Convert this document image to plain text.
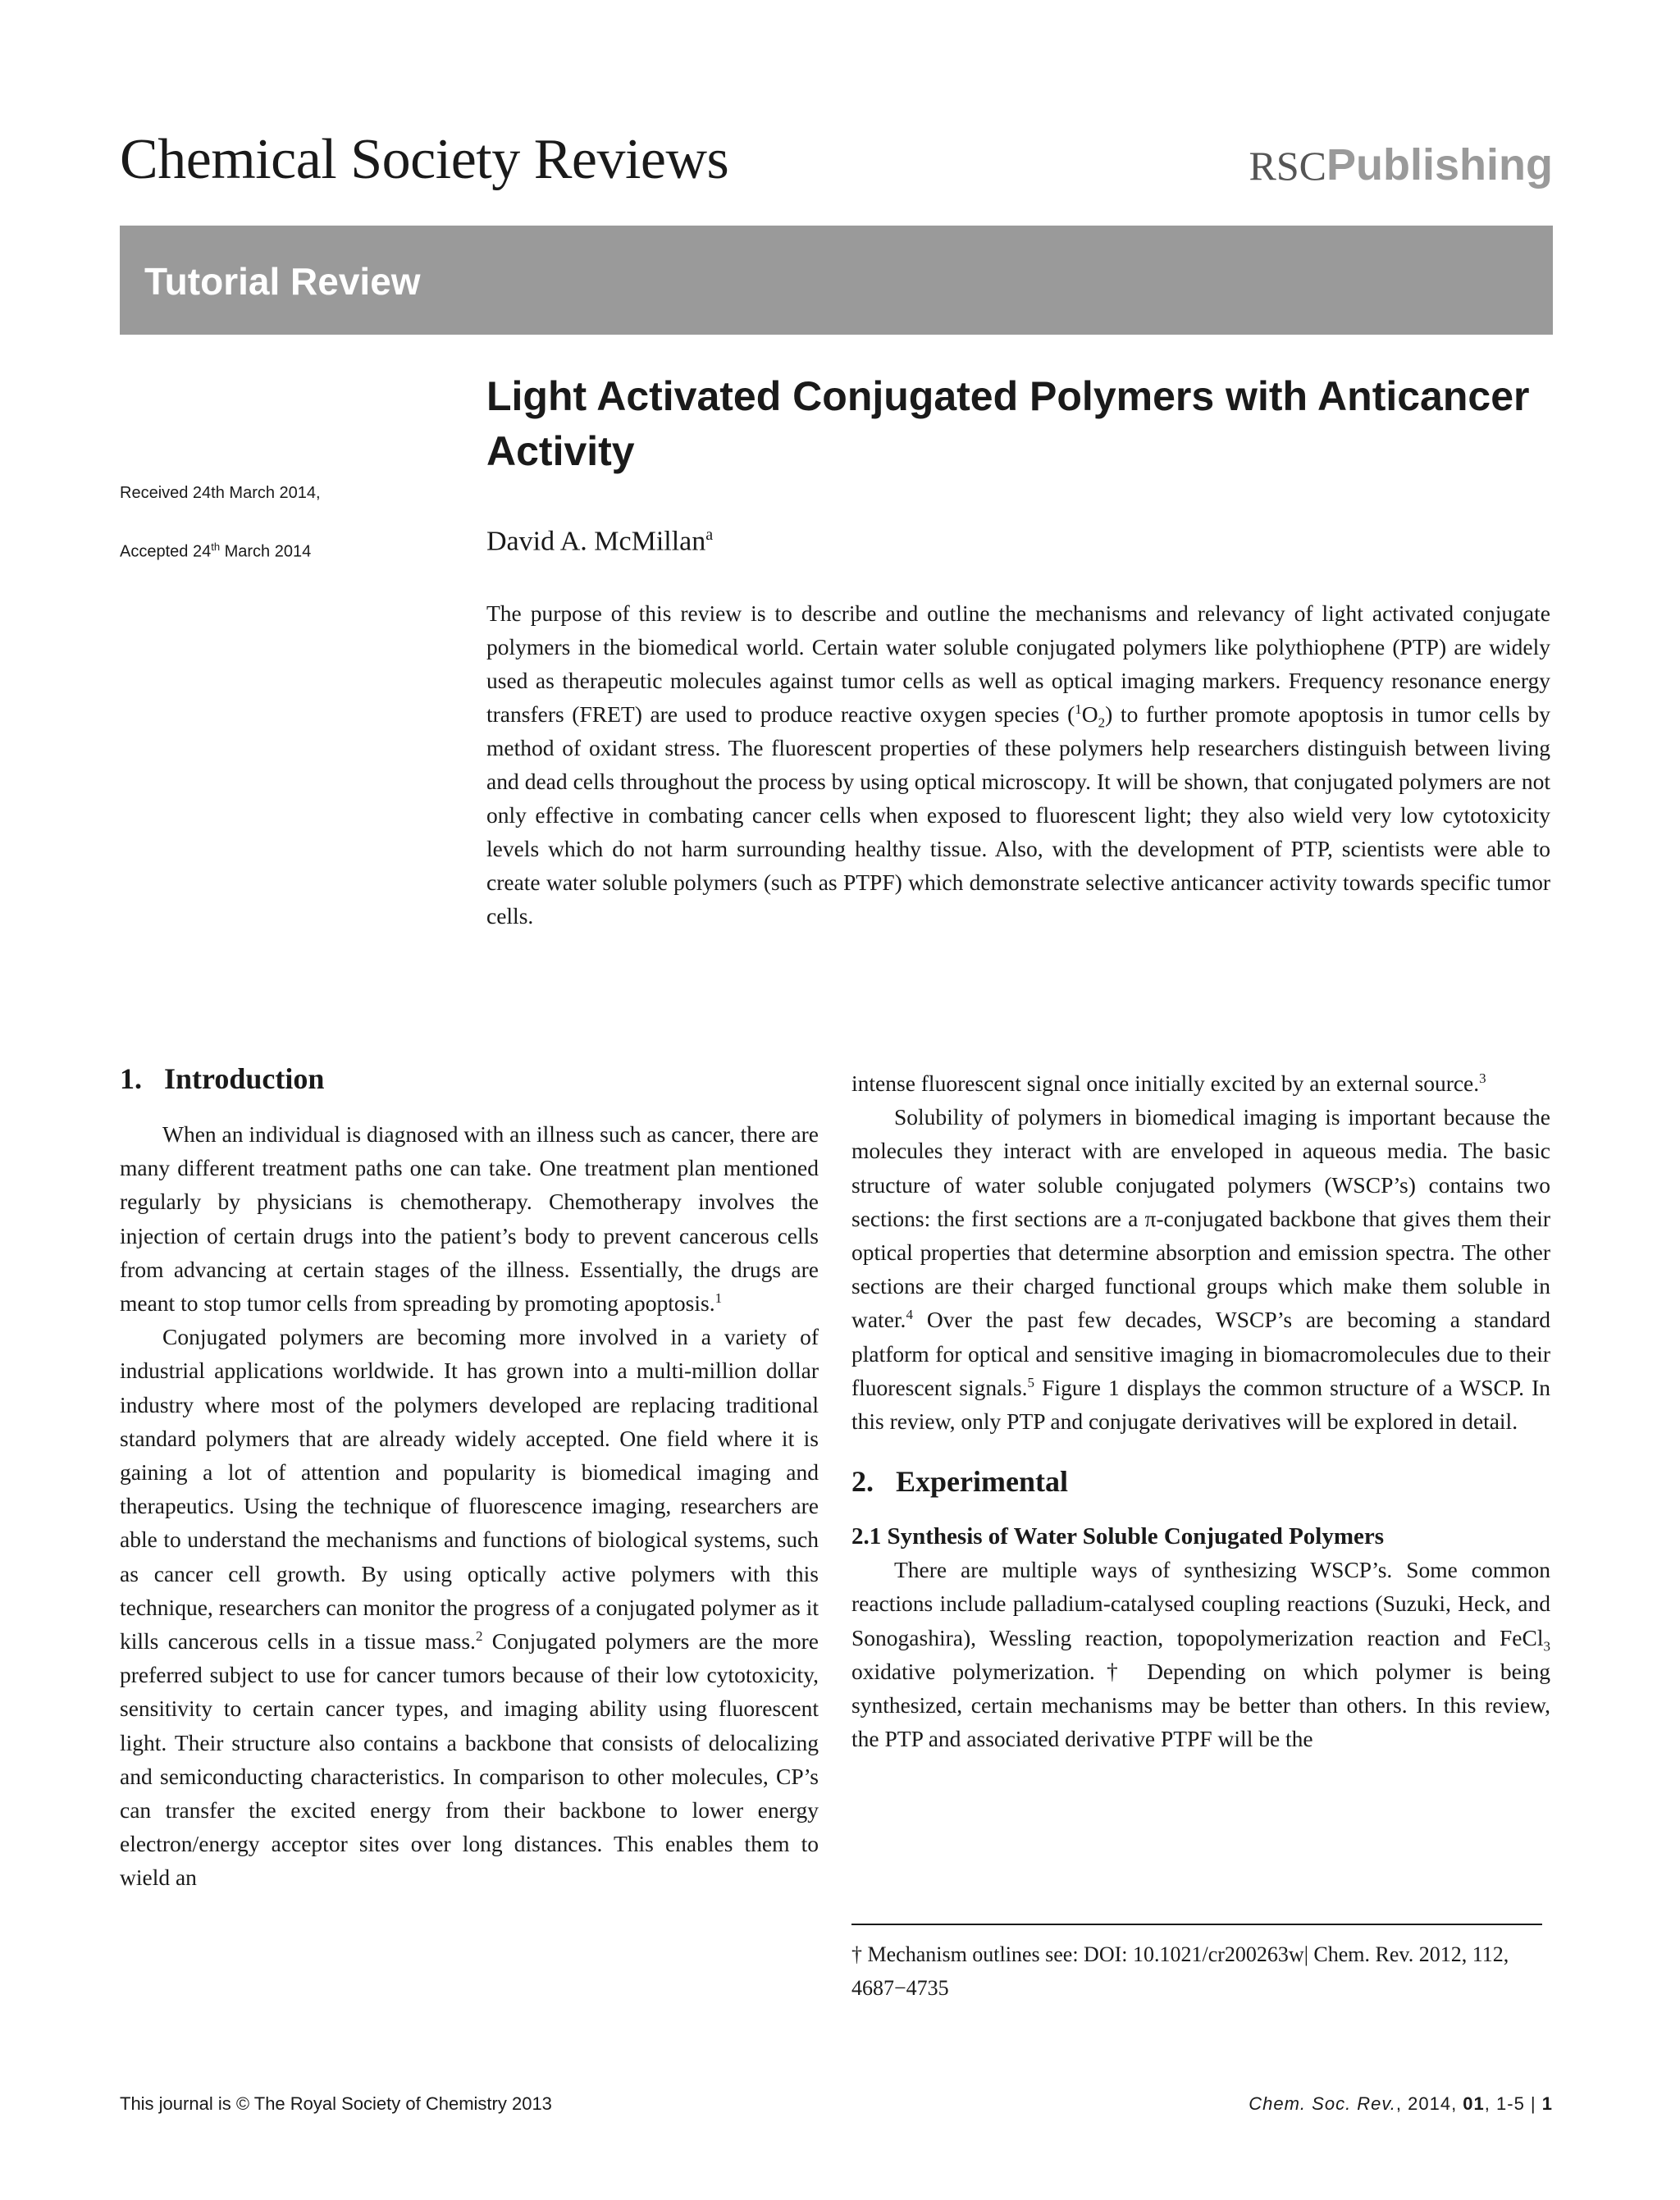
Chemical Society Reviews	RSCPublishing
Tutorial Review
Received 24th March 2014,
Accepted 24th March 2014
Light Activated Conjugated Polymers with Anticancer Activity
David A. McMillan$^a$
The purpose of this review is to describe and outline the mechanisms and relevancy of light activated conjugate polymers in the biomedical world. Certain water soluble conjugated polymers like polythiophene (PTP) are widely used as therapeutic molecules against tumor cells as well as optical imaging markers. Frequency resonance energy transfers (FRET) are used to produce reactive oxygen species $(^1O_2)$ to further promote apoptosis in tumor cells by method of oxidant stress. The fluorescent properties of these polymers help researchers distinguish between living and dead cells throughout the process by using optical microscopy. It will be shown, that conjugated polymers are not only effective in combating cancer cells when exposed to fluorescent light; they also wield very low cytotoxicity levels which do not harm surrounding healthy tissue. Also, with the development of PTP, scientists were able to create water soluble polymers (such as PTPF) which demonstrate selective anticancer activity towards specific tumor cells.
1. Introduction

When an individual is diagnosed with an illness such as cancer, there are many different treatment paths one can take. One treatment plan mentioned regularly by physicians is chemotherapy. Chemotherapy involves the injection of certain drugs into the patient’s body to prevent cancerous cells from advancing at certain stages of the illness. Essentially, the drugs are meant to stop tumor cells from spreading by promoting apoptosis.$^1$

Conjugated polymers are becoming more involved in a variety of industrial applications worldwide. It has grown into a multi-million dollar industry where most of the polymers developed are replacing traditional standard polymers that are already widely accepted. One field where it is gaining a lot of attention and popularity is biomedical imaging and therapeutics. Using the technique of fluorescence imaging, researchers are able to understand the mechanisms and functions of biological systems, such as cancer cell growth. By using optically active polymers with this technique, researchers can monitor the progress of a conjugated polymer as it kills cancerous cells in a tissue mass.$^2$ Conjugated polymers are the more preferred subject to use for cancer tumors because of their low cytotoxicity, sensitivity to certain cancer types, and imaging ability using fluorescent light. Their structure also contains a backbone that consists of delocalizing and semiconducting characteristics. In comparison to other molecules, CP’s can transfer the excited energy from their backbone to lower energy electron/energy acceptor sites over long distances. This enables them to wield an

intense fluorescent signal once initially excited by an external source.$^3$

Solubility of polymers in biomedical imaging is important because the molecules they interact with are enveloped in aqueous media. The basic structure of water soluble conjugated polymers (WSCP’s) contains two sections: the first sections are a π-conjugated backbone that gives them their optical properties that determine absorption and emission spectra. The other sections are their charged functional groups which make them soluble in water.$^4$ Over the past few decades, WSCP’s are becoming a standard platform for optical and sensitive imaging in biomacromolecules due to their fluorescent signals.$^5$ Figure 1 displays the common structure of a WSCP. In this review, only PTP and conjugate derivatives will be explored in detail.

2. Experimental
2.1 Synthesis of Water Soluble Conjugated Polymers

There are multiple ways of synthesizing WSCP’s. Some common reactions include palladium-catalysed coupling reactions (Suzuki, Heck, and Sonogashira), Wessling reaction, topopolymerization reaction and FeCl$_3$ oxidative polymerization.† Depending on which polymer is being synthesized, certain mechanisms may be better than others. In this review, the PTP and associated derivative PTPF will be the

† Mechanism outlines see: DOI: 10.1021/cr200263w| Chem. Rev. 2012, 112, 4687−4735
This journal is © The Royal Society of Chemistry 2013	Chem. Soc. Rev., 2014, 01, 1-5 | 1
